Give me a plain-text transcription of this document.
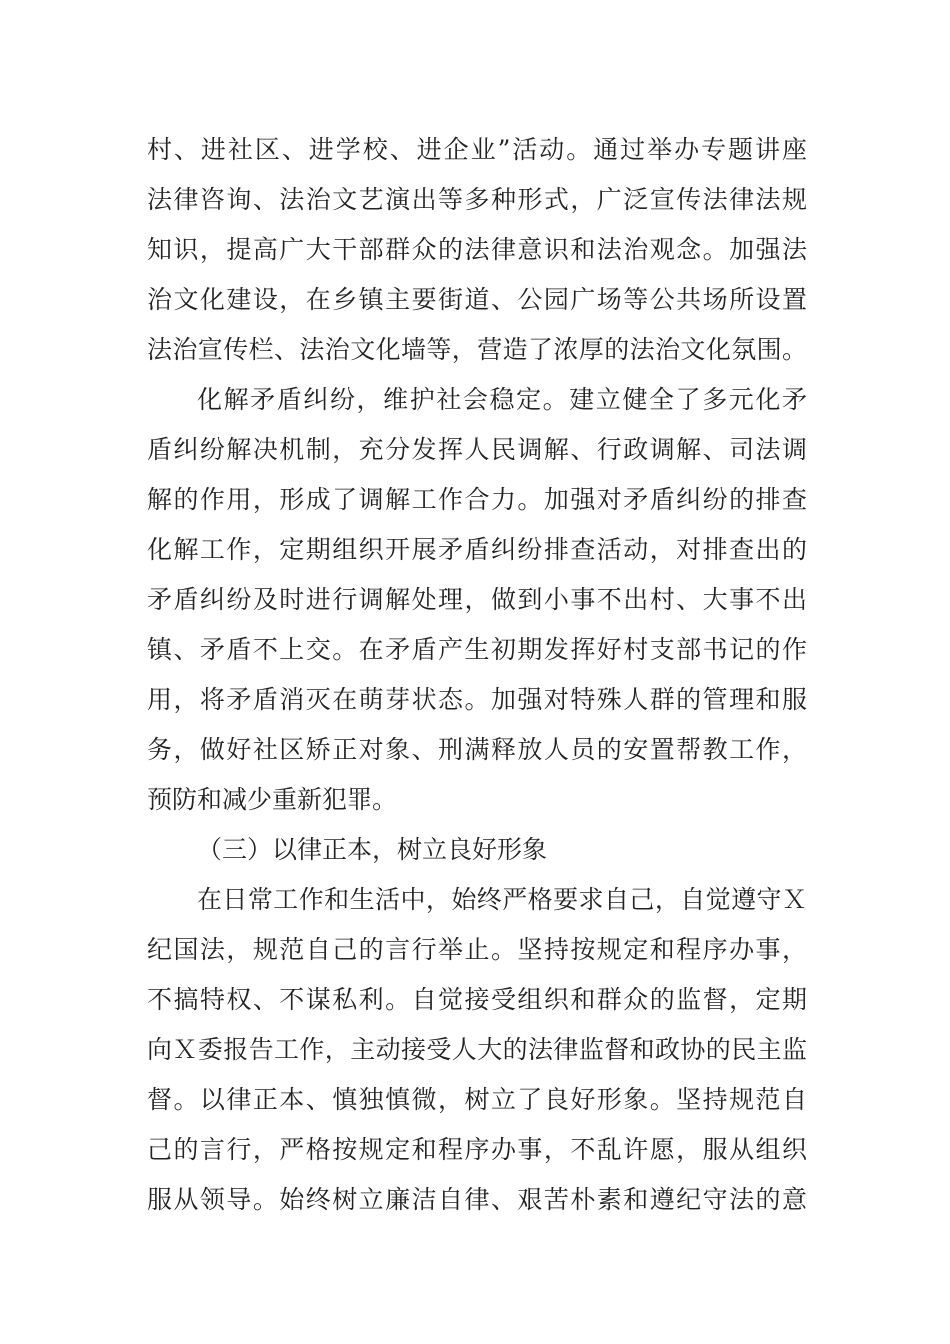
村、进社区、进学校、进企业”活动。通过举办专题讲座
法律咨询、法治文艺演出等多种形式，广泛宣传法律法规
知识，提高广大干部群众的法律意识和法治观念。加强法
治文化建设，在乡镇主要街道、公园广场等公共场所设置
法治宣传栏、法治文化墙等，营造了浓厚的法治文化氛围。
化解矛盾纠纷，维护社会稳定。建立健全了多元化矛
盾纠纷解决机制，充分发挥人民调解、行政调解、司法调
解的作用，形成了调解工作合力。加强对矛盾纠纷的排查
化解工作，定期组织开展矛盾纠纷排查活动，对排查出的
矛盾纠纷及时进行调解处理，做到小事不出村、大事不出
镇、矛盾不上交。在矛盾产生初期发挥好村支部书记的作
用，将矛盾消灭在萌芽状态。加强对特殊人群的管理和服
务，做好社区矫正对象、刑满释放人员的安置帮教工作，
预防和减少重新犯罪。
（三）以律正本，树立良好形象
在日常工作和生活中，始终严格要求自己，自觉遵守Ｘ
纪国法，规范自己的言行举止。坚持按规定和程序办事，
不搞特权、不谋私利。自觉接受组织和群众的监督，定期
向Ｘ委报告工作，主动接受人大的法律监督和政协的民主监
督。以律正本、慎独慎微，树立了良好形象。坚持规范自
己的言行，严格按规定和程序办事，不乱许愿，服从组织
服从领导。始终树立廉洁自律、艰苦朴素和遵纪守法的意
